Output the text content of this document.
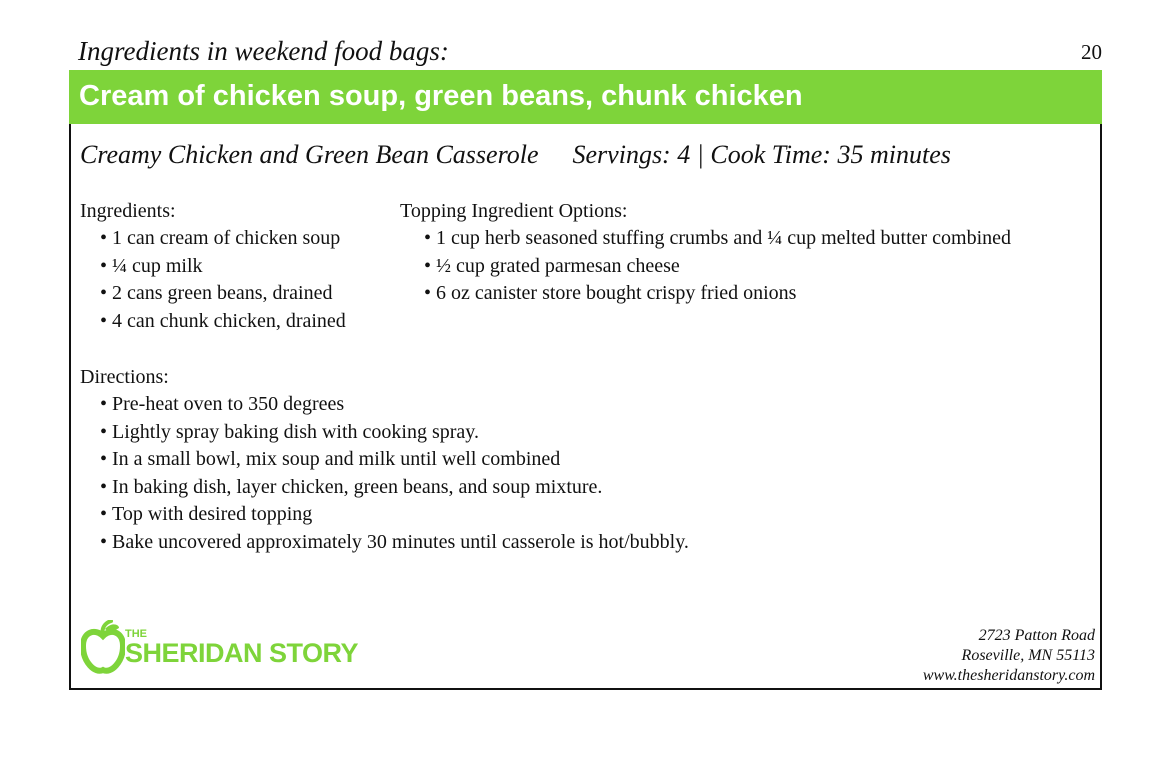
Ingredients in weekend food bags:	20
Cream of chicken soup, green beans, chunk chicken
Creamy Chicken and Green Bean Casserole Servings: 4 | Cook Time: 35 minutes
Ingredients:
• 1 can cream of chicken soup
• ¼ cup milk
• 2 cans green beans, drained
• 4 can chunk chicken, drained
Topping Ingredient Options:
• 1 cup herb seasoned stuffing crumbs and ¼ cup melted butter combined
• ½ cup grated parmesan cheese
• 6 oz canister store bought crispy fried onions
Directions:
• Pre-heat oven to 350 degrees
• Lightly spray baking dish with cooking spray.
• In a small bowl, mix soup and milk until well combined
• In baking dish, layer chicken, green beans, and soup mixture.
• Top with desired topping
• Bake uncovered approximately 30 minutes until casserole is hot/bubbly.
THE
SHERIDAN STORY
2723 Patton Road
Roseville, MN 55113
www.thesheridanstory.com
